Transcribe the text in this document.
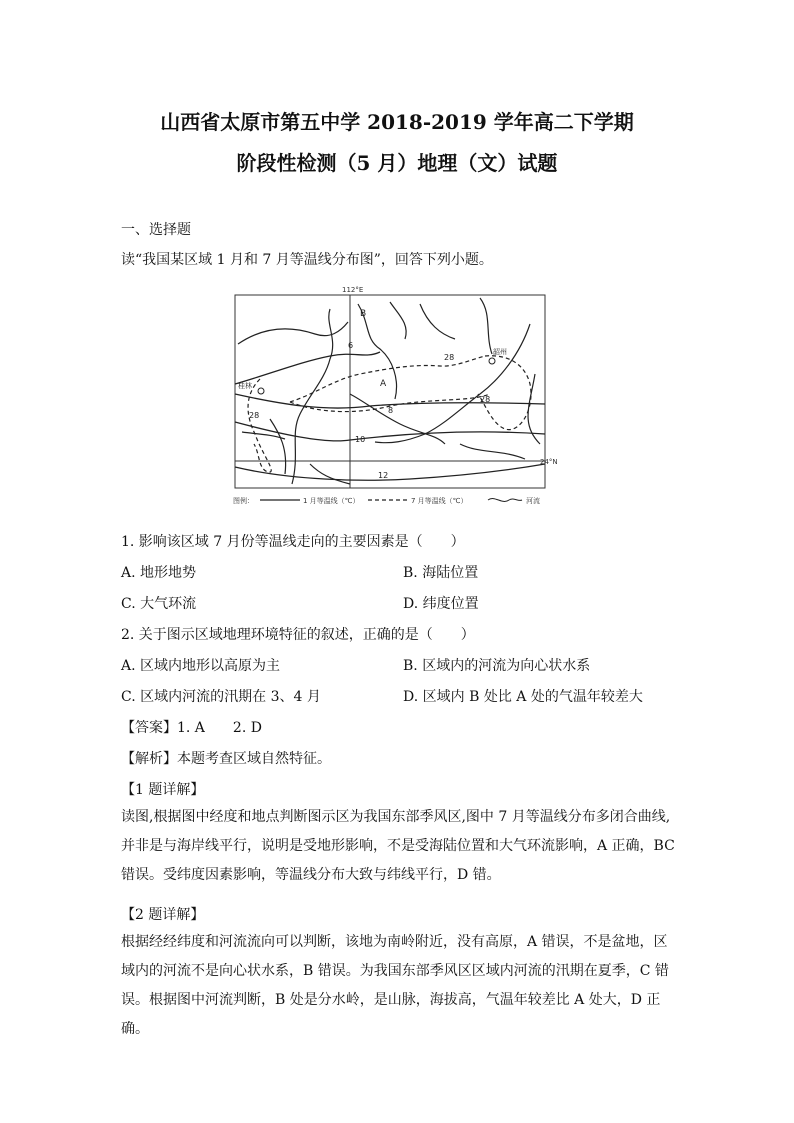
山西省太原市第五中学 2018-2019 学年高二下学期
阶段性检测（5 月）地理（文）试题
一、选择题
读“我国某区域 1 月和 7 月等温线分布图”，回答下列小题。
112°E
24°N
B
A
桂林
韶州
6
8
10
12
28
28
28
图例：	1 月等温线（℃）	7 月等温线（℃）	河流
1. 影响该区域 7 月份等温线走向的主要因素是（　　）
A. 地形地势	B. 海陆位置
C. 大气环流	D. 纬度位置
2. 关于图示区域地理环境特征的叙述，正确的是（　　）
A. 区域内地形以高原为主	B. 区域内的河流为向心状水系
C. 区域内河流的汛期在 3、4 月	D. 区域内 B 处比 A 处的气温年较差大
【答案】1. A　　2. D
【解析】本题考查区域自然特征。
【1 题详解】
读图,根据图中经度和地点判断图示区为我国东部季风区,图中 7 月等温线分布多闭合曲线,并非是与海岸线平行，说明是受地形影响，不是受海陆位置和大气环流影响，A 正确，BC 错误。受纬度因素影响，等温线分布大致与纬线平行，D 错。
【2 题详解】
根据经经纬度和河流流向可以判断，该地为南岭附近，没有高原，A 错误，不是盆地，区域内的河流不是向心状水系，B 错误。为我国东部季风区区域内河流的汛期在夏季，C 错误。根据图中河流判断，B 处是分水岭，是山脉，海拔高，气温年较差比 A 处大，D 正确。
